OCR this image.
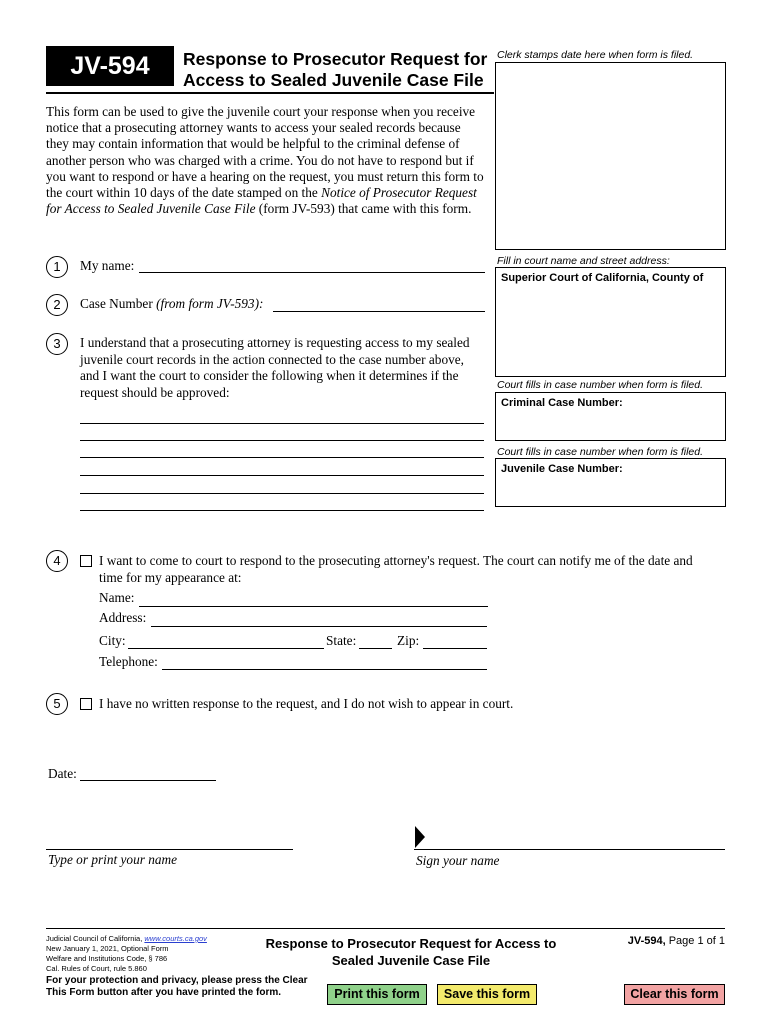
JV-594	Response to Prosecutor Request for
Access to Sealed Juvenile Case File
Clerk stamps date here when form is filed.
This form can be used to give the juvenile court your response when you receive notice that a prosecuting attorney wants to access your sealed records because they may contain information that would be helpful to the criminal defense of another person who was charged with a crime. You do not have to respond but if you want to respond or have a hearing on the request, you must return this form to the court within 10 days of the date stamped on the Notice of Prosecutor Request for Access to Sealed Juvenile Case File (form JV-593) that came with this form.
Fill in court name and street address:
Superior Court of California, County of
Court fills in case number when form is filed.
Criminal Case Number:
Court fills in case number when form is filed.
Juvenile Case Number:
1	My name:
2	Case Number (from form JV-593):
3	I understand that a prosecuting attorney is requesting access to my sealed juvenile court records in the action connected to the case number above, and I want the court to consider the following when it determines if the request should be approved:
4	I want to come to court to respond to the prosecuting attorney's request. The court can notify me of the date and
time for my appearance at:
Name:
Address:
City:	State:	Zip:
Telephone:
5	I have no written response to the request, and I do not wish to appear in court.
Date:
Type or print your name	Sign your name
Judicial Council of California, www.courts.ca.gov
New January 1, 2021, Optional Form
Welfare and Institutions Code, § 786
Cal. Rules of Court, rule 5.860
Response to Prosecutor Request for Access to
Sealed Juvenile Case File
JV-594, Page 1 of 1
For your protection and privacy, please press the Clear
This Form button after you have printed the form.	Print this form	Save this form	Clear this form
